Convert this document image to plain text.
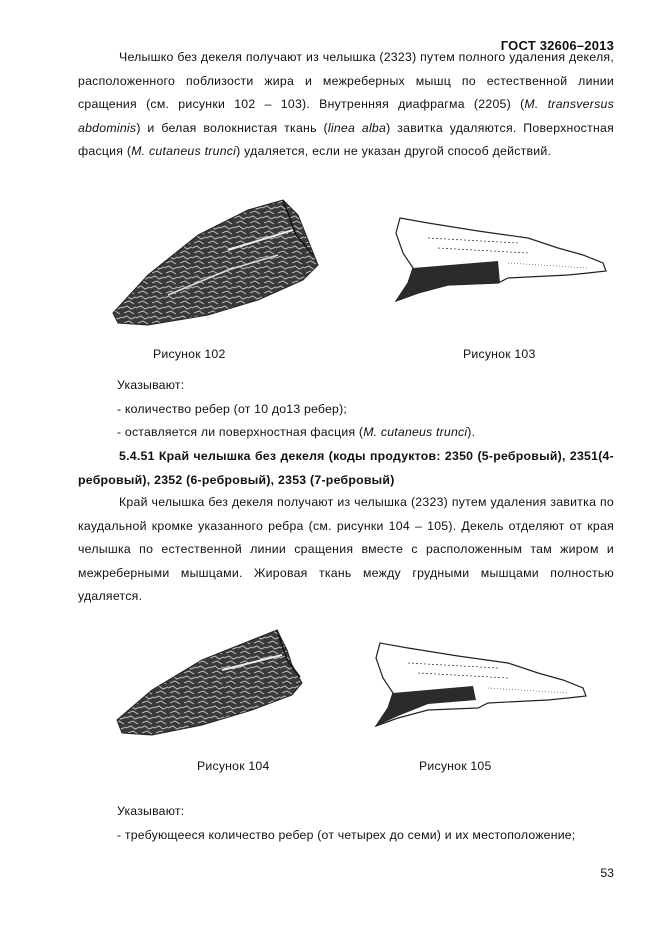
ГОСТ 32606–2013
Челышко без декеля получают из челышка (2323) путем полного удаления декеля, расположенного поблизости жира и межреберных мышц по естественной линии сращения (см. рисунки 102 – 103). Внутренняя диафрагма (2205) (M. transversus abdominis) и белая волокнистая ткань (linea alba) завитка удаляются. Поверхностная фасция (M. cutaneus trunci) удаляется, если не указан другой способ действий.
Рисунок 102	Рисунок 103
Указывают:
- количество ребер (от 10 до13 ребер);
- оставляется ли поверхностная фасция (M. cutaneus trunci).
5.4.51 Край челышка без декеля (коды продуктов: 2350 (5-ребровый), 2351(4-ребровый), 2352 (6-ребровый), 2353 (7-ребровый)
Край челышка без декеля получают из челышка (2323) путем удаления завитка по каудальной кромке указанного ребра (см. рисунки 104 – 105). Декель отделяют от края челышка по естественной линии сращения вместе с расположенным там жиром и межреберными мышцами. Жировая ткань между грудными мышцами полностью удаляется.
Рисунок 104	Рисунок 105
Указывают:
- требующееся количество ребер (от четырех до семи) и их местоположение;
53
